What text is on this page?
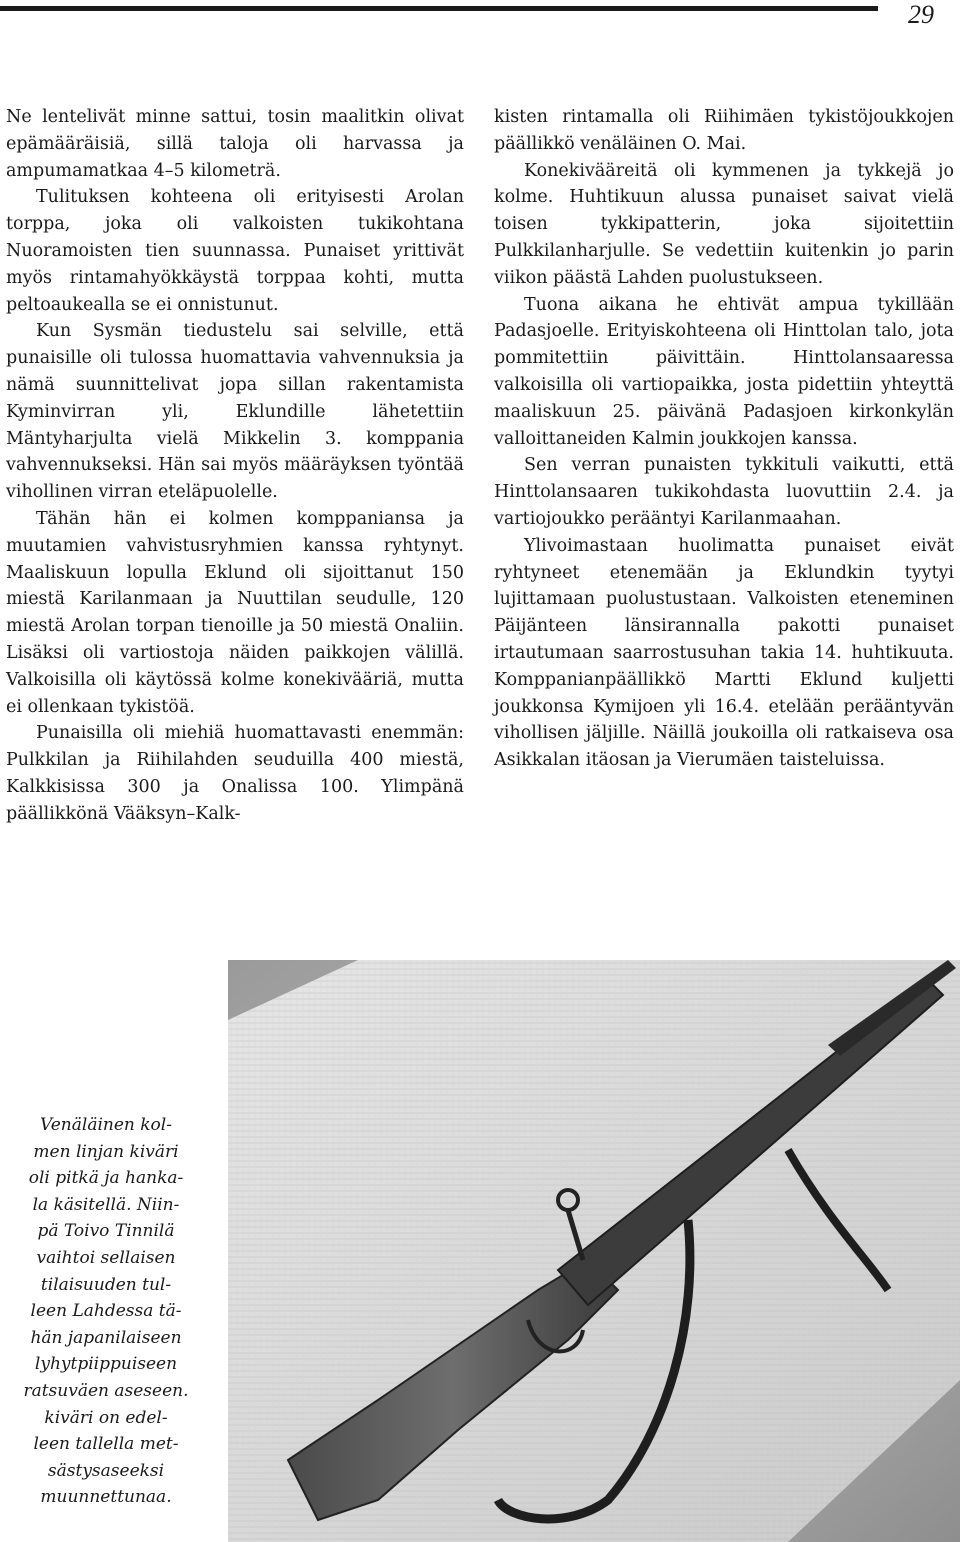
29

Ne lentelivät minne sattui, tosin maalitkin olivat epämääräisiä, sillä taloja oli harvassa ja ampumamatkaa 4–5 kilometrä.

Tulituksen kohteena oli erityisesti Arolan torppa, joka oli valkoisten tukikohtana Nuoramoisten tien suunnassa. Punaiset yrittivät myös rintamahyökkäystä torppaa kohti, mutta peltoaukealla se ei onnistunut.

Kun Sysmän tiedustelu sai selville, että punaisille oli tulossa huomattavia vahvennuksia ja nämä suunnittelivat jopa sillan rakentamista Kyminvirran yli, Eklundille lähetettiin Mäntyharjulta vielä Mikkelin 3. komppania vahvennukseksi. Hän sai myös määräyksen työntää vihollinen virran eteläpuolelle.

Tähän hän ei kolmen komppaniansa ja muutamien vahvistusryhmien kanssa ryhtynyt. Maaliskuun lopulla Eklund oli sijoittanut 150 miestä Karilanmaan ja Nuuttilan seudulle, 120 miestä Arolan torpan tienoille ja 50 miestä Onaliin. Lisäksi oli vartiostoja näiden paikkojen välillä. Valkoisilla oli käytössä kolme konekivääriä, mutta ei ollenkaan tykistöä.

Punaisilla oli miehiä huomattavasti enemmän: Pulkkilan ja Riihilahden seuduilla 400 miestä, Kalkkisissa 300 ja Onalissa 100. Ylimpänä päällikkönä Vääksyn–Kalk-

kisten rintamalla oli Riihimäen tykistöjoukkojen päällikkö venäläinen O. Mai.

Konekivääreitä oli kymmenen ja tykkejä jo kolme. Huhtikuun alussa punaiset saivat vielä toisen tykkipatterin, joka sijoitettiin Pulkkilanharjulle. Se vedettiin kuitenkin jo parin viikon päästä Lahden puolustukseen.

Tuona aikana he ehtivät ampua tykillään Padasjoelle. Erityiskohteena oli Hinttolan talo, jota pommitettiin päivittäin. Hinttolansaaressa valkoisilla oli vartiopaikka, josta pidettiin yhteyttä maaliskuun 25. päivänä Padasjoen kirkonkylän valloittaneiden Kalmin joukkojen kanssa.

Sen verran punaisten tykkituli vaikutti, että Hinttolansaaren tukikohdasta luovuttiin 2.4. ja vartiojoukko perääntyi Karilanmaahan.

Ylivoimastaan huolimatta punaiset eivät ryhtyneet etenemään ja Eklundkin tyytyi lujittamaan puolustustaan. Valkoisten eteneminen Päijänteen länsirannalla pakotti punaiset irtautumaan saarrostusuhan takia 14. huhtikuuta. Komppanianpäällikkö Martti Eklund kuljetti joukkonsa Kymijoen yli 16.4. etelään perääntyvän vihollisen jäljille. Näillä joukoilla oli ratkaiseva osa Asikkalan itäosan ja Vierumäen taisteluissa.

Venäläinen kol-
men linjan kiväri
oli pitkä ja hanka-
la käsitellä. Niin-
pä Toivo Tinnilä
vaihtoi sellaisen
tilaisuuden tul-
leen Lahdessa tä-
hän japanilaiseen
lyhytpiippuiseen
ratsuväen aseseen.
kiväri on edel-
leen tallella met-
sästysaseeksi
muunnettunaa.
